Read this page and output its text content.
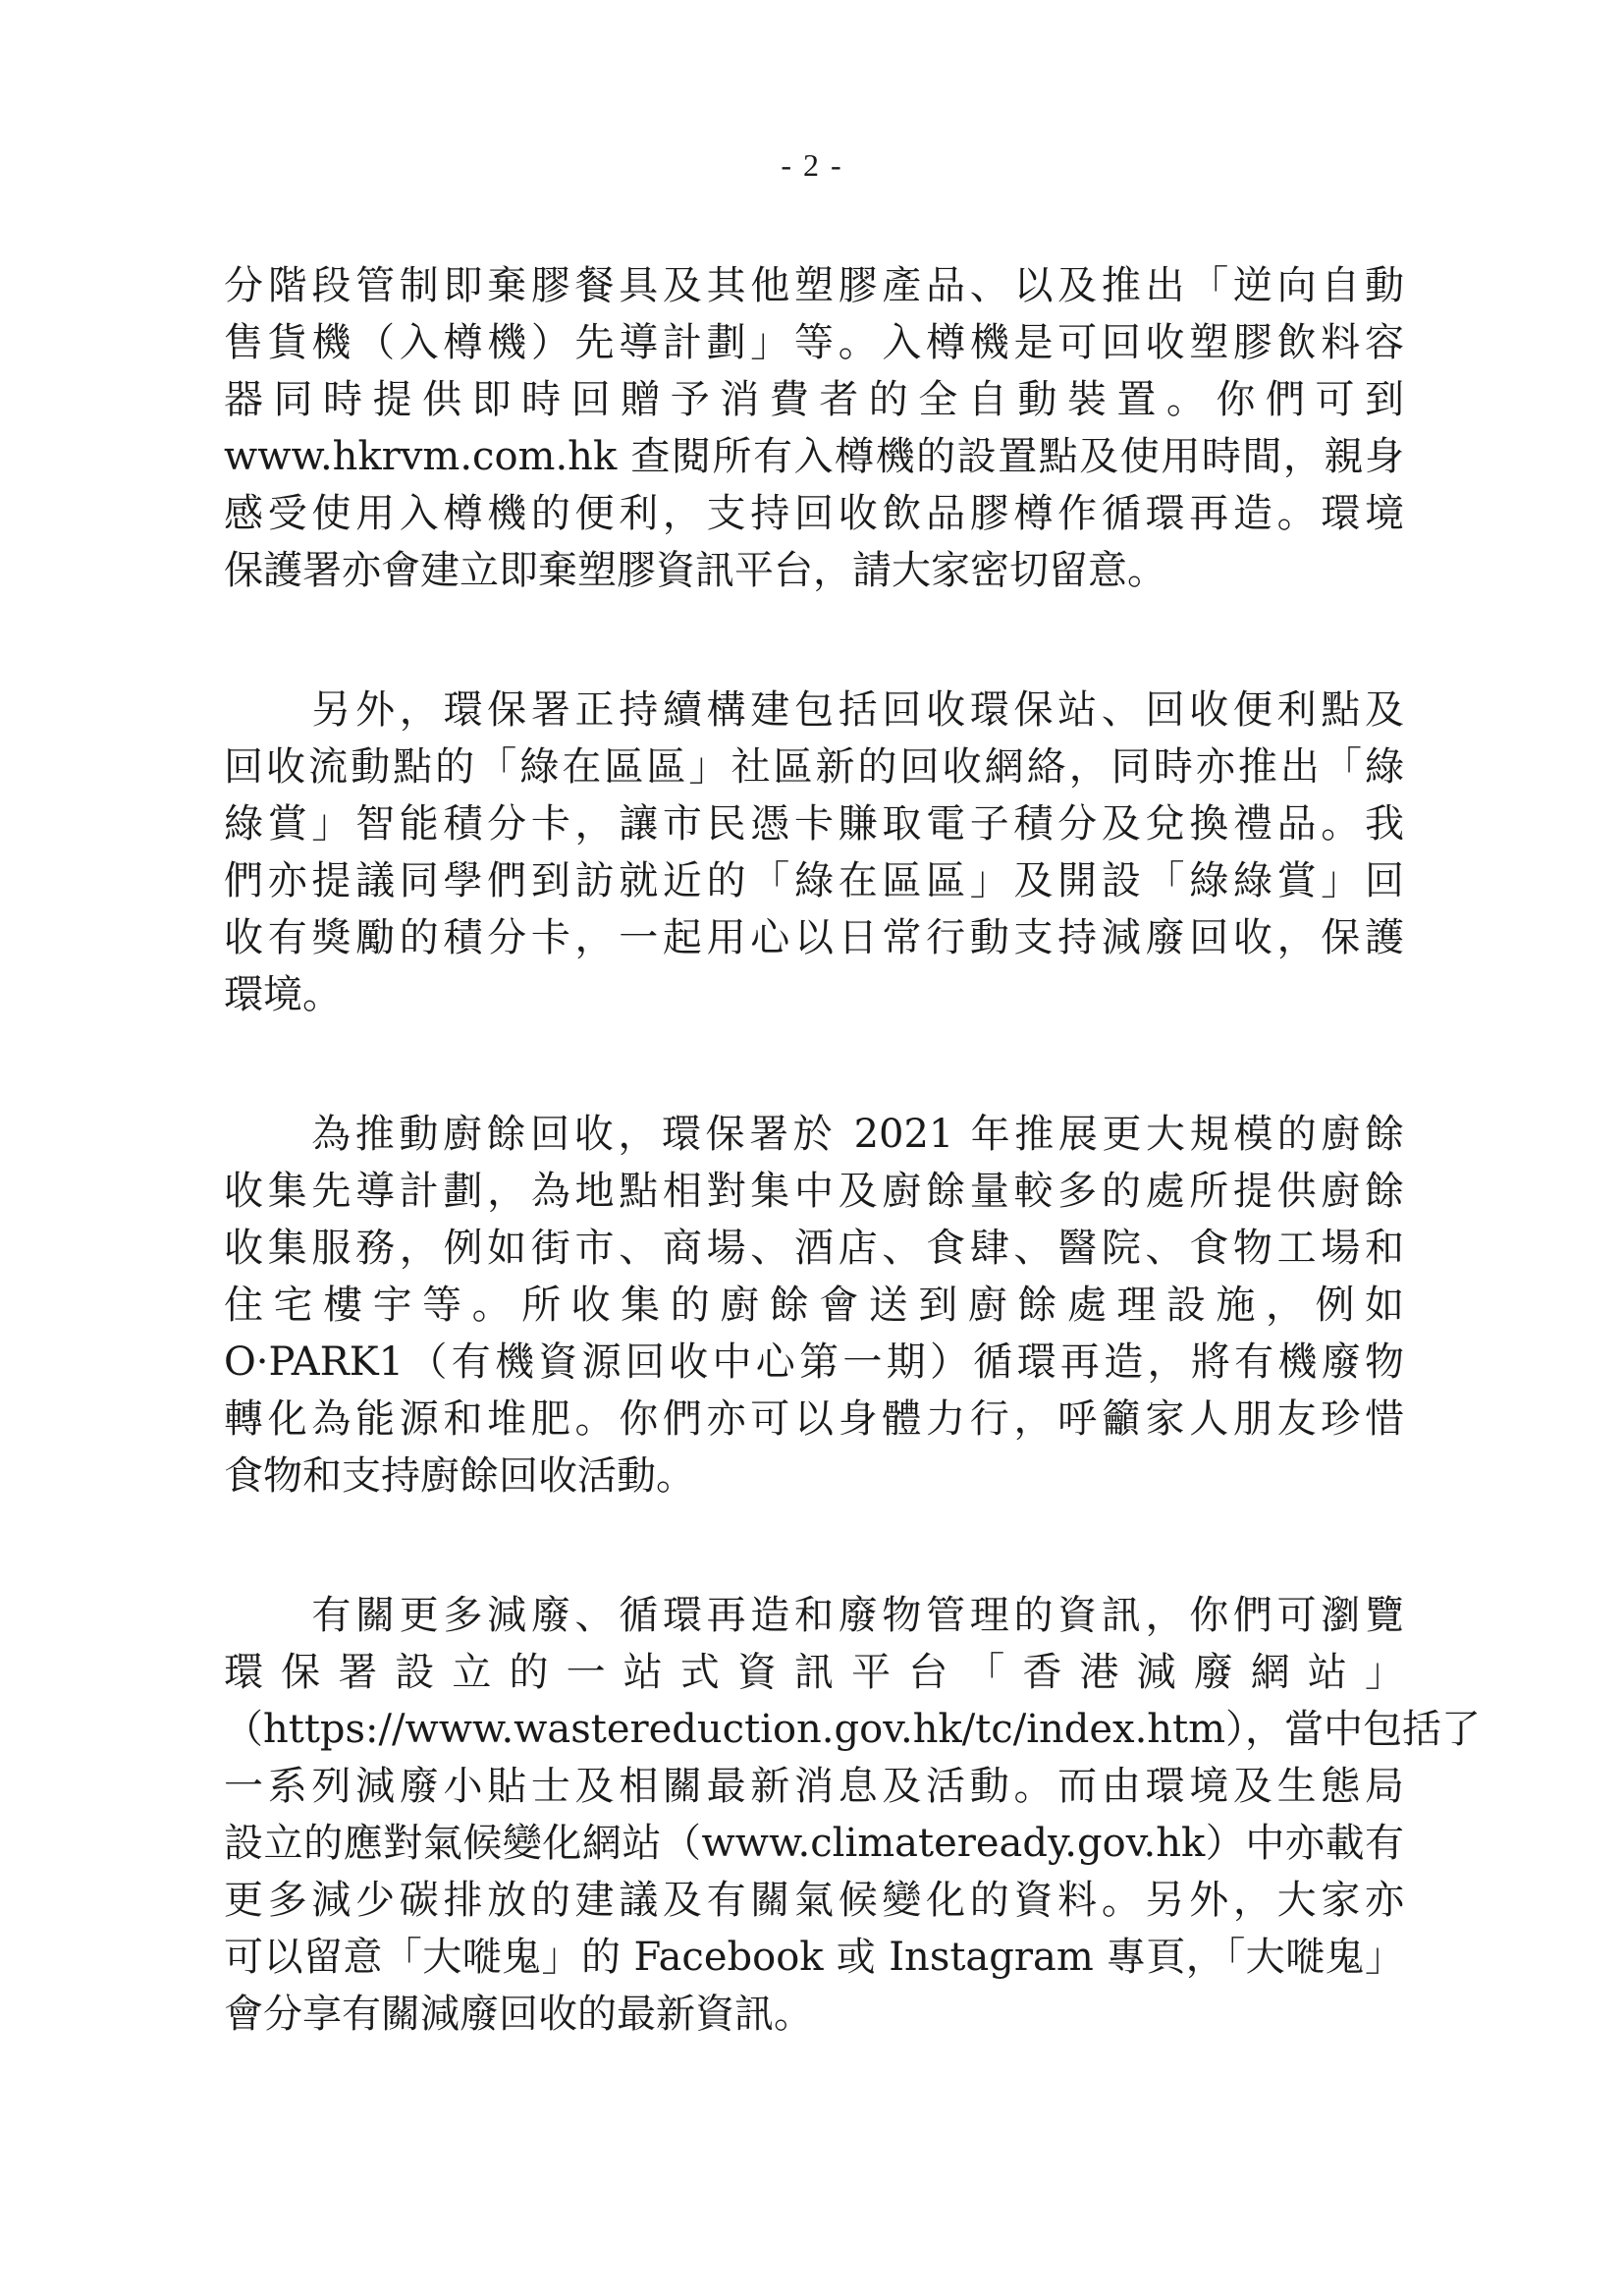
- 2 -
分階段管制即棄膠餐具及其他塑膠產品、以及推出「逆向自動
售貨機（入樽機）先導計劃」等。入樽機是可回收塑膠飲料容
器同時提供即時回贈予消費者的全自動裝置。你們可到
www.hkrvm.com.hk 查閱所有入樽機的設置點及使用時間，親身
感受使用入樽機的便利，支持回收飲品膠樽作循環再造。環境
保護署亦會建立即棄塑膠資訊平台，請大家密切留意。
　　另外，環保署正持續構建包括回收環保站、回收便利點及
回收流動點的「綠在區區」社區新的回收網絡，同時亦推出「綠
綠賞」智能積分卡，讓市民憑卡賺取電子積分及兌換禮品。我
們亦提議同學們到訪就近的「綠在區區」及開設「綠綠賞」回
收有獎勵的積分卡，一起用心以日常行動支持減廢回收，保護
環境。
　　為推動廚餘回收，環保署於 2021 年推展更大規模的廚餘
收集先導計劃，為地點相對集中及廚餘量較多的處所提供廚餘
收集服務，例如街市、商場、酒店、食肆、醫院、食物工場和
住宅樓宇等。所收集的廚餘會送到廚餘處理設施，例如
O·PARK1（有機資源回收中心第一期）循環再造，將有機廢物
轉化為能源和堆肥。你們亦可以身體力行，呼籲家人朋友珍惜
食物和支持廚餘回收活動。
　　有關更多減廢、循環再造和廢物管理的資訊，你們可瀏覽
環保署設立的一站式資訊平台「香港減廢網站」
（https://www.wastereduction.gov.hk/tc/index.htm），當中包括了
一系列減廢小貼士及相關最新消息及活動。而由環境及生態局
設立的應對氣候變化網站（www.climateready.gov.hk）中亦載有
更多減少碳排放的建議及有關氣候變化的資料。另外，大家亦
可以留意「大嘥鬼」的 Facebook 或 Instagram 專頁，「大嘥鬼」
會分享有關減廢回收的最新資訊。
